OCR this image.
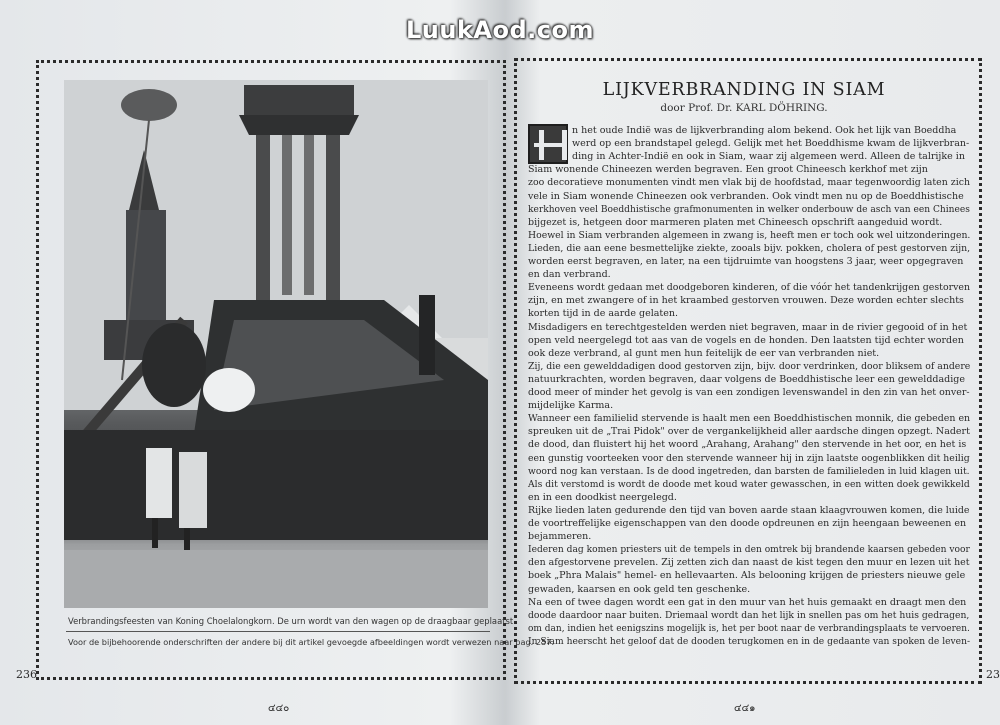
LuukAod.com
Verbrandingsfeesten van Koning Choelalongkorn. De urn wordt van den wagen op de draagbaar geplaatst.
Voor de bijbehoorende onderschriften der andere bij dit artikel gevoegde afbeeldingen wordt verwezen naar pag. 257.
236
๔๔๐
LIJKVERBRANDING IN SIAM
door Prof. Dr. KARL DÖHRING.
n het oude Indië was de lijkverbranding alom bekend. Ook het lijk van Boeddha
werd op een brandstapel gelegd. Gelijk met het Boeddhisme kwam de lijkverbran-
ding in Achter-Indië en ook in Siam, waar zij algemeen werd. Alleen de talrijke in
Siam wonende Chineezen werden begraven. Een groot Chineesch kerkhof met zijn
zoo decoratieve monumenten vindt men vlak bij de hoofdstad, maar tegenwoordig laten zich
vele in Siam wonende Chineezen ook verbranden. Ook vindt men nu op de Boeddhistische
kerkhoven veel Boeddhistische grafmonumenten in welker onderbouw de asch van een Chinees
bijgezet is, hetgeen door marmeren platen met Chineesch opschrift aangeduid wordt.
Hoewel in Siam verbranden algemeen in zwang is, heeft men er toch ook wel uitzonderingen.
Lieden, die aan eene besmettelijke ziekte, zooals bijv. pokken, cholera of pest gestorven zijn,
worden eerst begraven, en later, na een tijdruimte van hoogstens 3 jaar, weer opgegraven
en dan verbrand.
Eveneens wordt gedaan met doodgeboren kinderen, of die vóór het tandenkrijgen gestorven
zijn, en met zwangere of in het kraambed gestorven vrouwen. Deze worden echter slechts
korten tijd in de aarde gelaten.
Misdadigers en terechtgestelden werden niet begraven, maar in de rivier gegooid of in het
open veld neergelegd tot aas van de vogels en de honden. Den laatsten tijd echter worden
ook deze verbrand, al gunt men hun feitelijk de eer van verbranden niet.
Zij, die een gewelddadigen dood gestorven zijn, bijv. door verdrinken, door bliksem of andere
natuurkrachten, worden begraven, daar volgens de Boeddhistische leer een gewelddadige
dood meer of minder het gevolg is van een zondigen levenswandel in den zin van het onver-
mijdelijke Karma.
Wanneer een familielid stervende is haalt men een Boeddhistischen monnik, die gebeden en
spreuken uit de „Trai Pidok" over de vergankelijkheid aller aardsche dingen opzegt. Nadert
de dood, dan fluistert hij het woord „Arahang, Arahang" den stervende in het oor, en het is
een gunstig voorteeken voor den stervende wanneer hij in zijn laatste oogenblikken dit heilig
woord nog kan verstaan. Is de dood ingetreden, dan barsten de familieleden in luid klagen uit.
Als dit verstomd is wordt de doode met koud water gewasschen, in een witten doek gewikkeld
en in een doodkist neergelegd.
Rijke lieden laten gedurende den tijd van boven aarde staan klaagvrouwen komen, die luide
de voortreffelijke eigenschappen van den doode opdreunen en zijn heengaan beweenen en
bejammeren.
Iederen dag komen priesters uit de tempels in den omtrek bij brandende kaarsen gebeden voor
den afgestorvene prevelen. Zij zetten zich dan naast de kist tegen den muur en lezen uit het
boek „Phra Malais" hemel- en hellevaarten. Als belooning krijgen de priesters nieuwe gele
gewaden, kaarsen en ook geld ten geschenke.
Na een of twee dagen wordt een gat in den muur van het huis gemaakt en draagt men den
doode daardoor naar buiten. Driemaal wordt dan het lijk in snellen pas om het huis gedragen,
om dan, indien het eenigszins mogelijk is, het per boot naar de verbrandingsplaats te vervoeren.
In Siam heerscht het geloof dat de dooden terugkomen en in de gedaante van spoken de leven-
23
๔๔๑
